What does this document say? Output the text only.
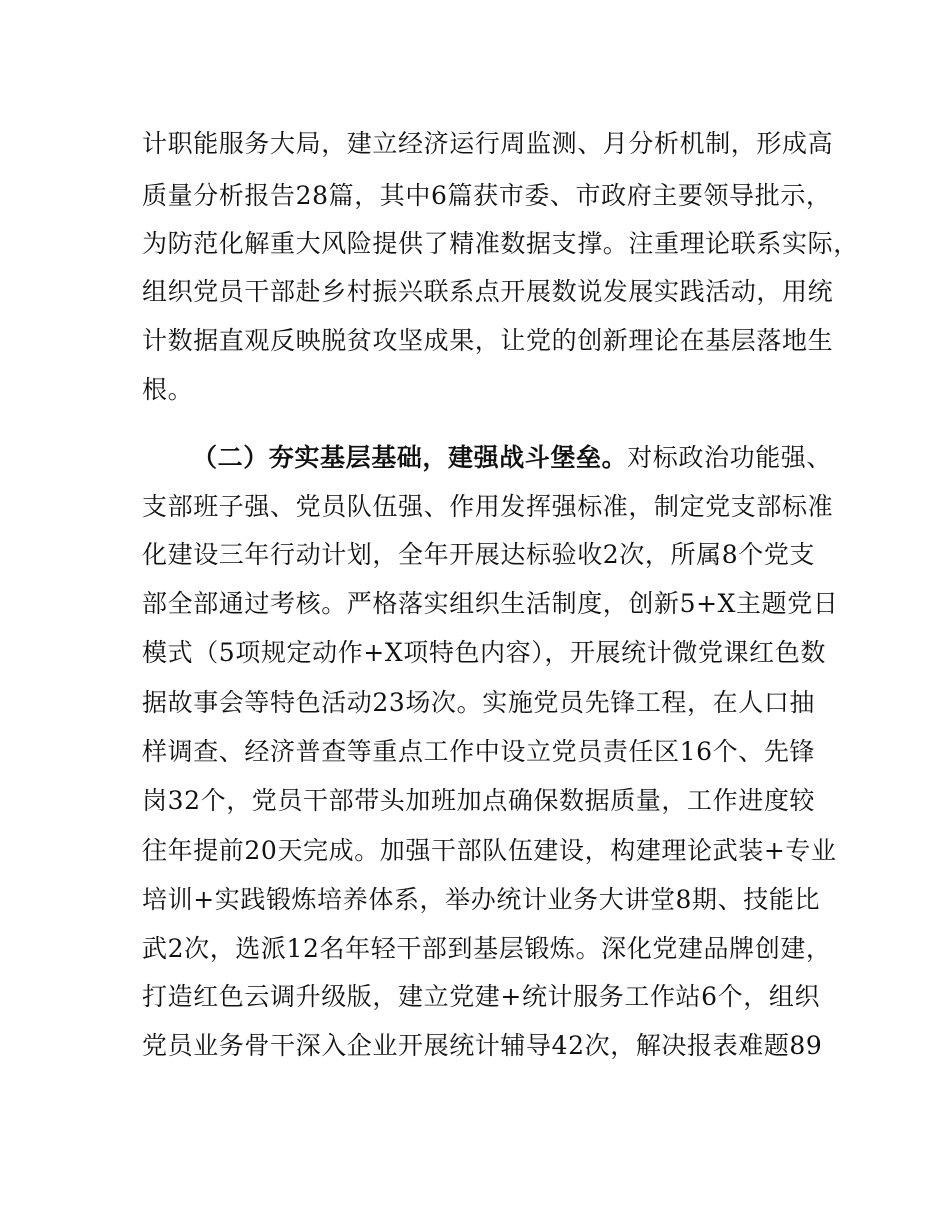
计职能服务大局，建立经济运行周监测、月分析机制，形成高
质量分析报告28篇，其中6篇获市委、市政府主要领导批示，
为防范化解重大风险提供了精准数据支撑。注重理论联系实际，
组织党员干部赴乡村振兴联系点开展数说发展实践活动，用统
计数据直观反映脱贫攻坚成果，让党的创新理论在基层落地生
根。
（二）夯实基层基础，建强战斗堡垒。对标政治功能强、
支部班子强、党员队伍强、作用发挥强标准，制定党支部标准
化建设三年行动计划，全年开展达标验收2次，所属8个党支
部全部通过考核。严格落实组织生活制度，创新5+X主题党日
模式（5项规定动作+X项特色内容），开展统计微党课红色数
据故事会等特色活动23场次。实施党员先锋工程，在人口抽
样调查、经济普查等重点工作中设立党员责任区16个、先锋
岗32个，党员干部带头加班加点确保数据质量，工作进度较
往年提前20天完成。加强干部队伍建设，构建理论武装+专业
培训+实践锻炼培养体系，举办统计业务大讲堂8期、技能比
武2次，选派12名年轻干部到基层锻炼。深化党建品牌创建，
打造红色云调升级版，建立党建+统计服务工作站6个，组织
党员业务骨干深入企业开展统计辅导42次，解决报表难题89
